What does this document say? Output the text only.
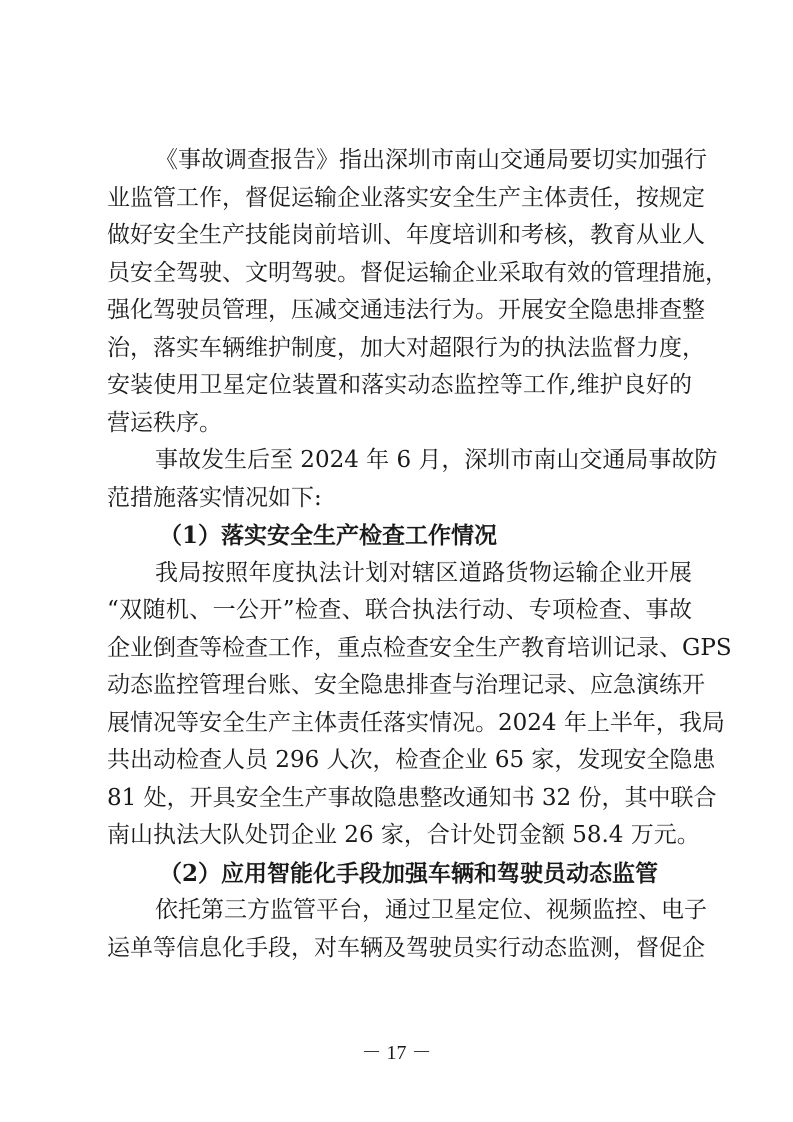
《事故调查报告》指出深圳市南山交通局要切实加强行
业监管工作，督促运输企业落实安全生产主体责任，按规定
做好安全生产技能岗前培训、年度培训和考核，教育从业人
员安全驾驶、文明驾驶。督促运输企业采取有效的管理措施，
强化驾驶员管理，压减交通违法行为。开展安全隐患排查整
治，落实车辆维护制度，加大对超限行为的执法监督力度，
安装使用卫星定位装置和落实动态监控等工作,维护良好的
营运秩序。
事故发生后至 2024 年 6 月，深圳市南山交通局事故防
范措施落实情况如下:
（1）落实安全生产检查工作情况
我局按照年度执法计划对辖区道路货物运输企业开展
“双随机、一公开”检查、联合执法行动、专项检查、事故
企业倒查等检查工作，重点检查安全生产教育培训记录、GPS
动态监控管理台账、安全隐患排查与治理记录、应急演练开
展情况等安全生产主体责任落实情况。2024 年上半年，我局
共出动检查人员 296 人次，检查企业 65 家，发现安全隐患
81 处，开具安全生产事故隐患整改通知书 32 份，其中联合
南山执法大队处罚企业 26 家，合计处罚金额 58.4 万元。
（2）应用智能化手段加强车辆和驾驶员动态监管
依托第三方监管平台，通过卫星定位、视频监控、电子
运单等信息化手段，对车辆及驾驶员实行动态监测，督促企
－ 17 －
